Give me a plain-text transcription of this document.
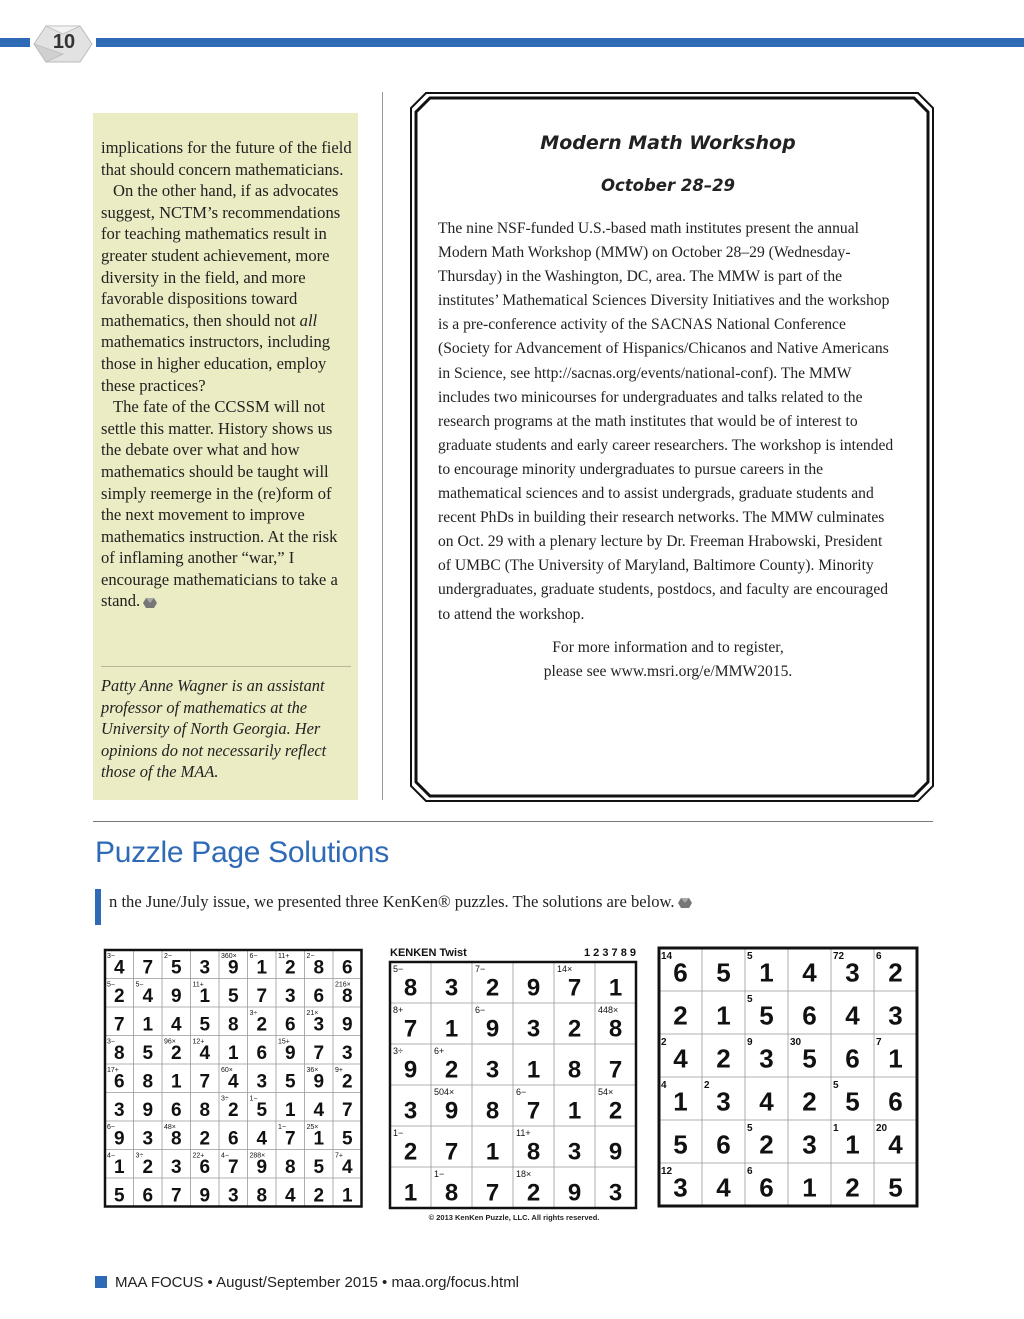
10

implications for the future of the field that should concern mathematicians.

On the other hand, if as advocates suggest, NCTM’s recommendations for teaching mathematics result in greater student achievement, more diversity in the field, and more favorable dispositions toward mathematics, then should not all mathematics instructors, including those in higher education, employ these practices?

The fate of the CCSSM will not settle this matter. History shows us the debate over what and how mathematics should be taught will simply reemerge in the (re)form of the next movement to improve mathematics instruction. At the risk of inflaming another “war,” I encourage mathematicians to take a stand.

Patty Anne Wagner is an assistant professor of mathematics at the University of North Georgia. Her opinions do not necessarily reflect those of the MAA.
Modern Math Workshop
October 28–29
The nine NSF-funded U.S.-based math institutes present the annual Modern Math Workshop (MMW) on October 28–29 (Wednesday-Thursday) in the Washington, DC, area. The MMW is part of the institutes’ Mathematical Sciences Diversity Initiatives and the workshop is a pre-conference activity of the SACNAS National Conference (Society for Advancement of Hispanics/Chicanos and Native Americans in Science, see http://sacnas.org/events/national-conf). The MMW includes two minicourses for undergraduates and talks related to the research programs at the math institutes that would be of interest to graduate students and early career researchers. The workshop is intended to encourage minority undergraduates to pursue careers in the mathematical sciences and to assist undergrads, graduate students and recent PhDs in building their research networks. The MMW culminates on Oct. 29 with a plenary lecture by Dr. Freeman Hrabowski, President of UMBC (The University of Maryland, Baltimore County). Minority undergraduates, graduate students, postdocs, and faculty are encouraged to attend the workshop.
For more information and to register,
please see www.msri.org/e/MMW2015.
Puzzle Page Solutions
n the June/July issue, we presented three KenKen® puzzles. The solutions are below.
3−	2−	360× 6−	11+ 2−
5−	5−	11+	216×
3÷	21×
3−	96× 12+	15+
17+	60×	36× 9+
3÷	1−
6−	48×	1−	25×
4−	3÷	22+ 4−	288×	7+
4 7 5 3 9 1 2 8 6
2 4 9 1 5 7 3 6 8
7 1 4 5 8 2 6 3 9
8 5 2 4 1 6 9 7 3
6 8 1 7 4 3 5 9 2
3 9 6 8 2 5 1 4 7
9 3 8 2 6 4 7 1 5
1 2 3 6 7 9 8 5 4
5 6 7 9 3 8 4 2 1
KENKEN Twist	1 2 3 7 8 9
5−	7−	14×
8+	6−	448×
3÷	6+
504×	6−	54×
1−	11+
1−	18×
8 3 2 9 7 1
7 1 9 3 2 8
9 2 3 1 8 7
3 9 8 7 1 2
2 7 1 8 3 9
1 8 7 2 9 3
© 2013 KenKen Puzzle, LLC. All rights reserved.
14	5	72	6
5
2	9	30	7
4	2	5
5	1	20
12	6
6 5 1 4 3 2
2 1 5 6 4 3
4 2 3 5 6 1
1 3 4 2 5 6
5 6 2 3 1 4
3 4 6 1 2 5
MAA FOCUS • August/September 2015 • maa.org/focus.html
